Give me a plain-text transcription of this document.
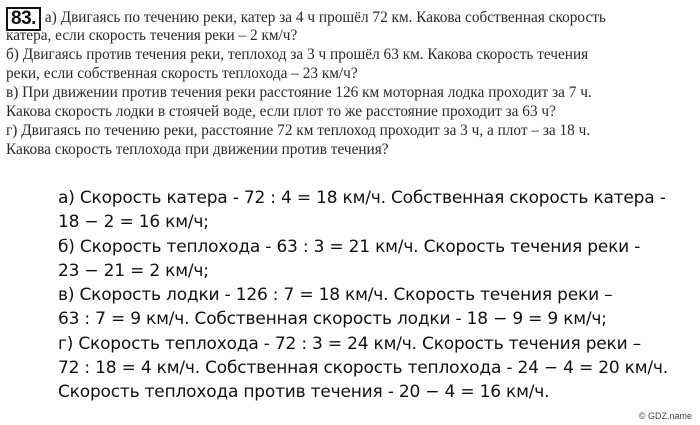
83. а) Двигаясь по течению реки, катер за 4 ч прошёл 72 км. Какова собственная скорость
катера, если скорость течения реки – 2 км/ч?
б) Двигаясь против течения реки, теплоход за 3 ч прошёл 63 км. Какова скорость течения
реки, если собственная скорость теплохода – 23 км/ч?
в) При движении против течения реки расстояние 126 км моторная лодка проходит за 7 ч.
Какова скорость лодки в стоячей воде, если плот то же расстояние проходит за 63 ч?
г) Двигаясь по течению реки, расстояние 72 км теплоход проходит за 3 ч, а плот – за 18 ч.
Какова скорость теплохода при движении против течения?
а) Скорость катера - 72 : 4 = 18 км/ч. Собственная скорость катера -
18 − 2 = 16 км/ч;
б) Скорость теплохода - 63 : 3 = 21 км/ч. Скорость течения реки -
23 − 21 = 2 км/ч;
в) Скорость лодки - 126 : 7 = 18 км/ч. Скорость течения реки –
63 : 7 = 9 км/ч. Собственная скорость лодки - 18 − 9 = 9 км/ч;
г) Скорость теплохода - 72 : 3 = 24 км/ч. Скорость течения реки –
72 : 18 = 4 км/ч. Собственная скорость теплохода - 24 − 4 = 20 км/ч.
Скорость теплохода против течения - 20 − 4 = 16 км/ч.
© GDZ.name
